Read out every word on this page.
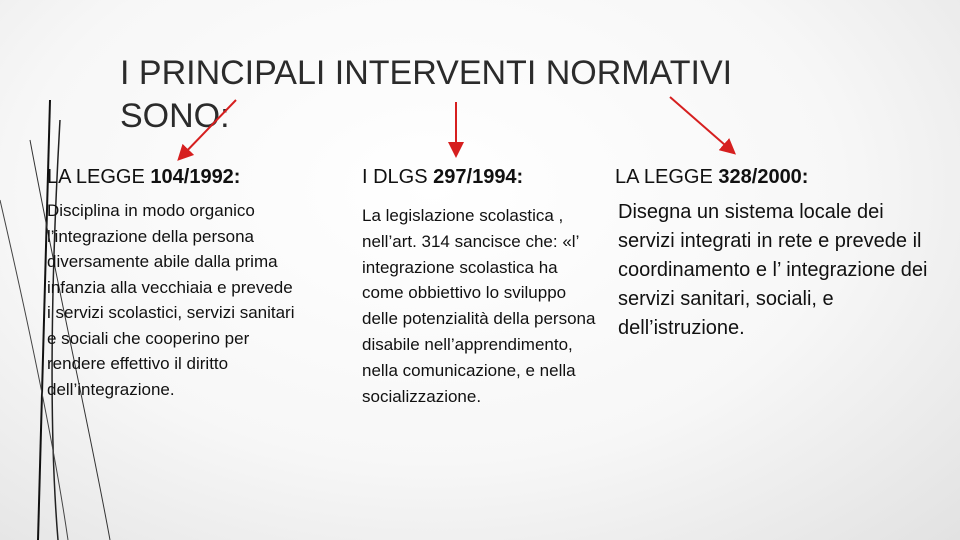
I PRINCIPALI INTERVENTI NORMATIVI SONO:
LA LEGGE 104/1992:	I DLGS 297/1994:	LA LEGGE 328/2000:
Disciplina in modo organico l’integrazione della persona diversamente abile dalla prima infanzia alla vecchiaia e prevede i servizi scolastici, servizi sanitari e sociali che cooperino per rendere effettivo il diritto dell’integrazione.
La legislazione scolastica , nell’art. 314 sancisce che: «l’ integrazione scolastica ha come obbiettivo lo sviluppo delle potenzialità della persona disabile nell’apprendimento, nella comunicazione, e nella socializzazione.
Disegna un sistema locale dei servizi integrati in rete e prevede il coordinamento e l’ integrazione dei servizi sanitari, sociali, e dell’istruzione.
